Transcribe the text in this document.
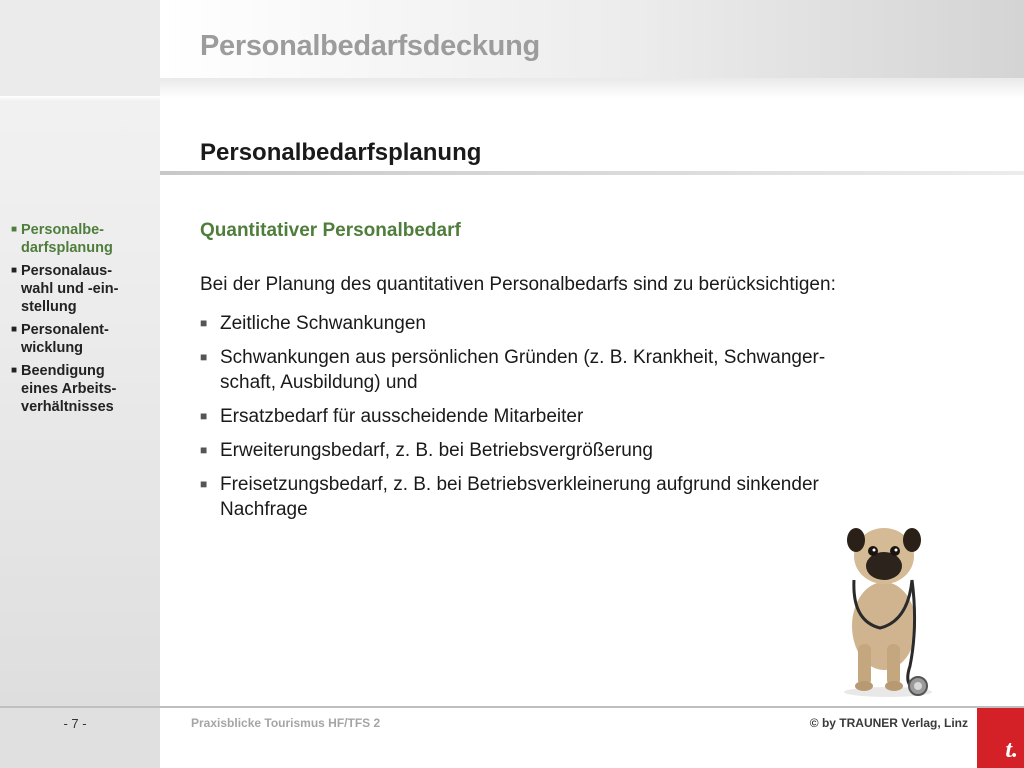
Personalbedarfsdeckung
Personalbedarfsplanung
■ Personalbe-
darfsplanung
■ Personalaus-
wahl und -ein-
stellung
■ Personalent-
wicklung
■ Beendigung
eines Arbeits-
verhältnisses
Quantitativer Personalbedarf
Bei der Planung des quantitativen Personalbedarfs sind zu berücksichtigen:
■ Zeitliche Schwankungen
■ Schwankungen aus persönlichen Gründen (z. B. Krankheit, Schwanger-
schaft, Ausbildung) und
■ Ersatzbedarf für ausscheidende Mitarbeiter
■ Erweiterungsbedarf, z. B. bei Betriebsvergrößerung
■ Freisetzungsbedarf, z. B. bei Betriebsverkleinerung aufgrund sinkender
Nachfrage
- 7 -	Praxisblicke Tourismus HF/TFS 2	© by TRAUNER Verlag, Linz
t.
